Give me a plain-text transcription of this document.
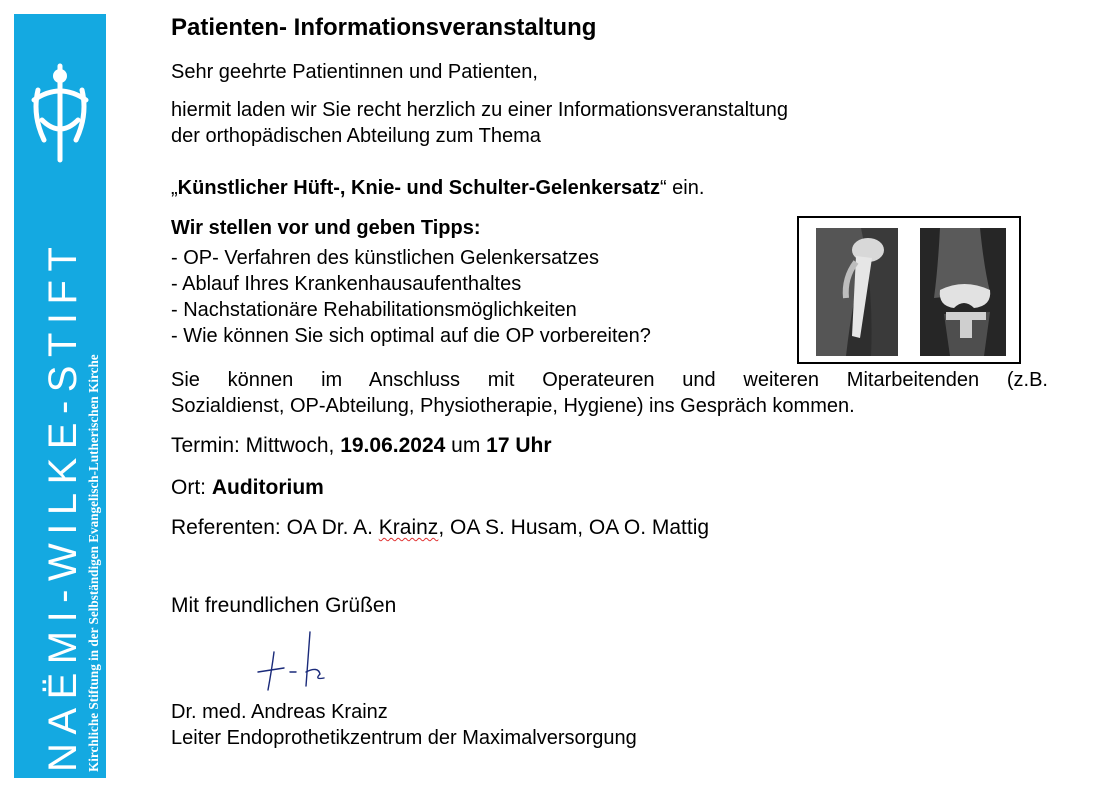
NAËMI-WILKE-STIFT Kirchliche Stiftung in der Selbständigen Evangelisch-Lutherischen Kirche
Patienten- Informationsveranstaltung
Sehr geehrte Patientinnen und Patienten,
hiermit laden wir Sie recht herzlich zu einer Informationsveranstaltung
der orthopädischen Abteilung zum Thema
„Künstlicher Hüft-, Knie- und Schulter-Gelenkersatz“ ein.
Wir stellen vor und geben Tipps:
- OP- Verfahren des künstlichen Gelenkersatzes
- Ablauf Ihres Krankenhausaufenthaltes
- Nachstationäre Rehabilitationsmöglichkeiten
- Wie können Sie sich optimal auf die OP vorbereiten?
Sie können im Anschluss mit Operateuren und weiteren Mitarbeitenden (z.B.
Sozialdienst, OP-Abteilung, Physiotherapie, Hygiene) ins Gespräch kommen.
Termin: Mittwoch, 19.06.2024 um 17 Uhr
Ort: Auditorium
Referenten: OA Dr. A. Krainz, OA S. Husam, OA O. Mattig
Mit freundlichen Grüßen
Dr. med. Andreas Krainz
Leiter Endoprothetikzentrum der Maximalversorgung
